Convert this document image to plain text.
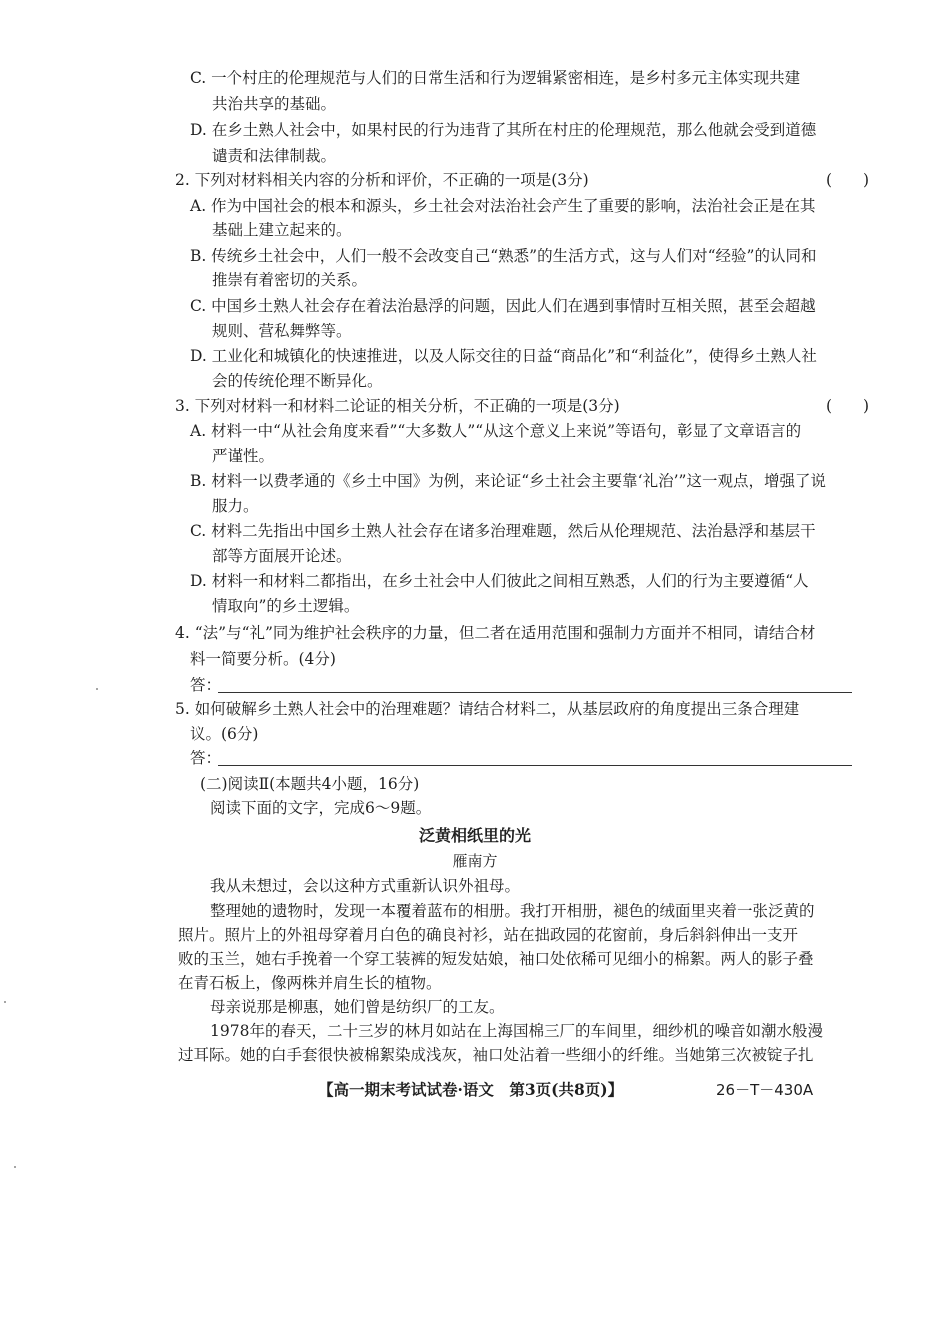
C. 一个村庄的伦理规范与人们的日常生活和行为逻辑紧密相连，是乡村多元主体实现共建
共治共享的基础。
D. 在乡土熟人社会中，如果村民的行为违背了其所在村庄的伦理规范，那么他就会受到道德
谴责和法律制裁。
2. 下列对材料相关内容的分析和评价，不正确的一项是(3分)	(　　)
A. 作为中国社会的根本和源头，乡土社会对法治社会产生了重要的影响，法治社会正是在其
基础上建立起来的。
B. 传统乡土社会中，人们一般不会改变自己“熟悉”的生活方式，这与人们对“经验”的认同和
推崇有着密切的关系。
C. 中国乡土熟人社会存在着法治悬浮的问题，因此人们在遇到事情时互相关照，甚至会超越
规则、营私舞弊等。
D. 工业化和城镇化的快速推进，以及人际交往的日益“商品化”和“利益化”，使得乡土熟人社
会的传统伦理不断异化。
3. 下列对材料一和材料二论证的相关分析，不正确的一项是(3分)	(　　)
A. 材料一中“从社会角度来看”“大多数人”“从这个意义上来说”等语句，彰显了文章语言的
严谨性。
B. 材料一以费孝通的《乡土中国》为例，来论证“乡土社会主要靠‘礼治’”这一观点，增强了说
服力。
C. 材料二先指出中国乡土熟人社会存在诸多治理难题，然后从伦理规范、法治悬浮和基层干
部等方面展开论述。
D. 材料一和材料二都指出，在乡土社会中人们彼此之间相互熟悉，人们的行为主要遵循“人
情取向”的乡土逻辑。
4. “法”与“礼”同为维护社会秩序的力量，但二者在适用范围和强制力方面并不相同，请结合材
料一简要分析。(4分)
答：
5. 如何破解乡土熟人社会中的治理难题？请结合材料二，从基层政府的角度提出三条合理建
议。(6分)
答：
(二)阅读Ⅱ(本题共4小题，16分)
阅读下面的文字，完成6～9题。
泛黄相纸里的光
雁南方
我从未想过，会以这种方式重新认识外祖母。
整理她的遗物时，发现一本覆着蓝布的相册。我打开相册，褪色的绒面里夹着一张泛黄的
照片。照片上的外祖母穿着月白色的确良衬衫，站在拙政园的花窗前，身后斜斜伸出一支开
败的玉兰，她右手挽着一个穿工装裤的短发姑娘，袖口处依稀可见细小的棉絮。两人的影子叠
在青石板上，像两株并肩生长的植物。
母亲说那是柳惠，她们曾是纺织厂的工友。
1978年的春天，二十三岁的林月如站在上海国棉三厂的车间里，细纱机的噪音如潮水般漫
过耳际。她的白手套很快被棉絮染成浅灰，袖口处沾着一些细小的纤维。当她第三次被锭子扎
【高一期末考试试卷·语文　第3页(共8页)】	26－T－430A
